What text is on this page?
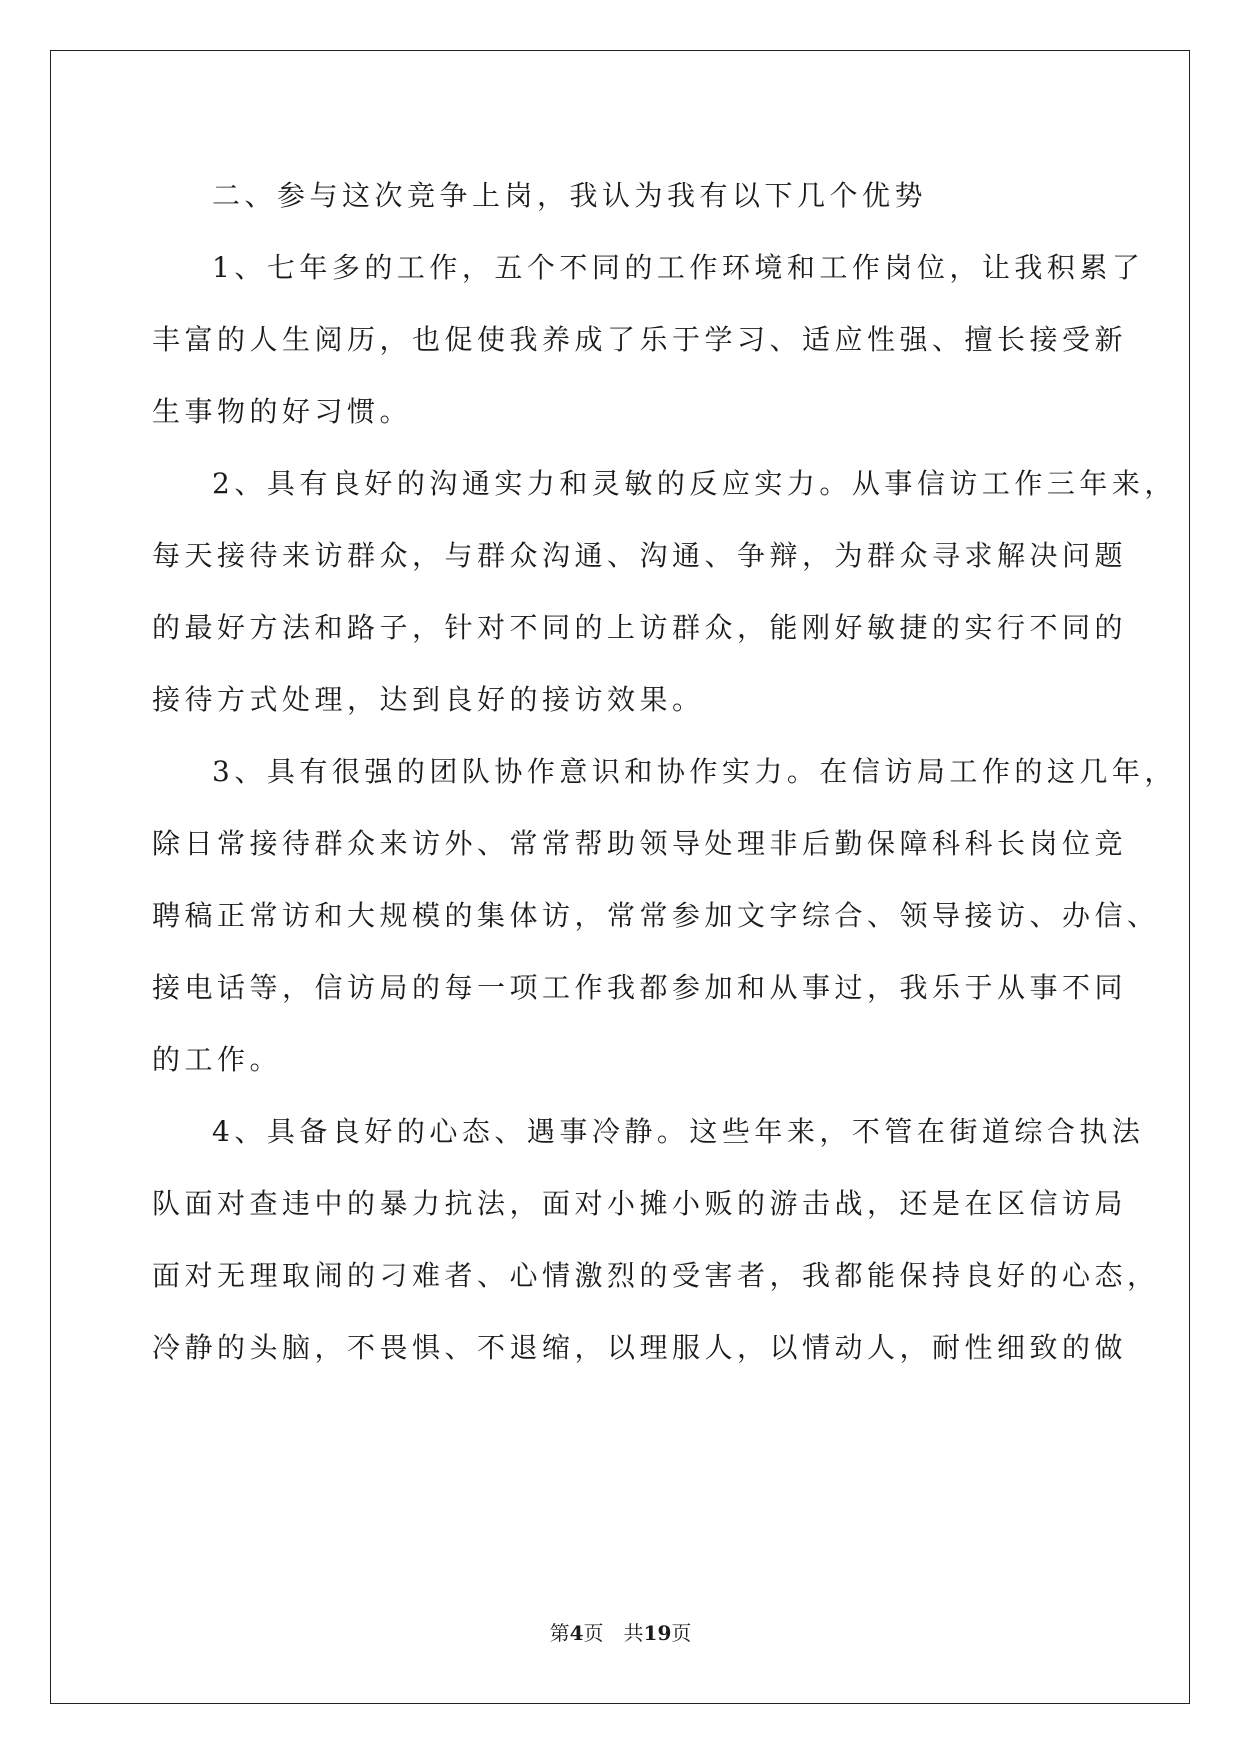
二、参与这次竞争上岗，我认为我有以下几个优势
1、七年多的工作，五个不同的工作环境和工作岗位，让我积累了
丰富的人生阅历，也促使我养成了乐于学习、适应性强、擅长接受新
生事物的好习惯。
2、具有良好的沟通实力和灵敏的反应实力。从事信访工作三年来，
每天接待来访群众，与群众沟通、沟通、争辩，为群众寻求解决问题
的最好方法和路子，针对不同的上访群众，能刚好敏捷的实行不同的
接待方式处理，达到良好的接访效果。
3、具有很强的团队协作意识和协作实力。在信访局工作的这几年，
除日常接待群众来访外、常常帮助领导处理非后勤保障科科长岗位竞
聘稿正常访和大规模的集体访，常常参加文字综合、领导接访、办信、
接电话等，信访局的每一项工作我都参加和从事过，我乐于从事不同
的工作。
4、具备良好的心态、遇事冷静。这些年来，不管在街道综合执法
队面对查违中的暴力抗法，面对小摊小贩的游击战，还是在区信访局
面对无理取闹的刁难者、心情激烈的受害者，我都能保持良好的心态，
冷静的头脑，不畏惧、不退缩，以理服人，以情动人，耐性细致的做
第4页 共19页
